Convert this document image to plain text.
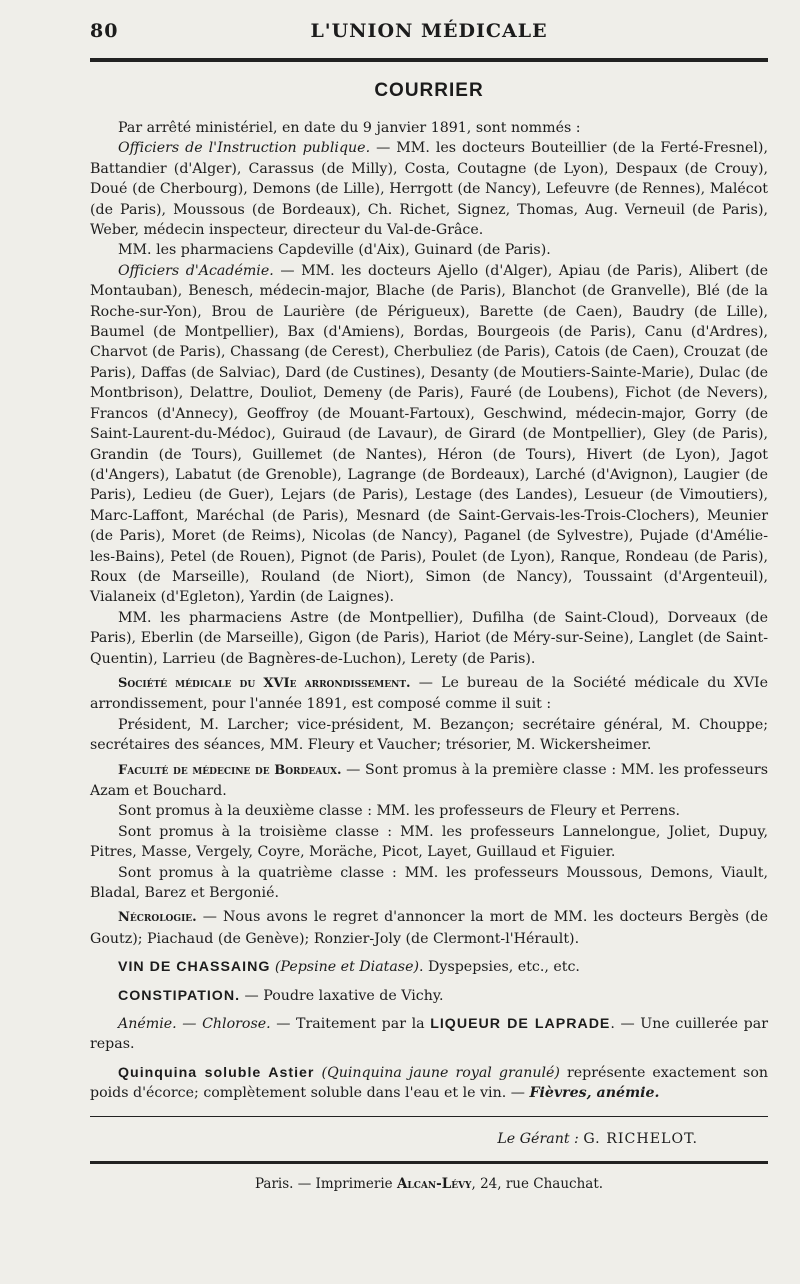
80	L'UNION MÉDICALE
COURRIER

Par arrêté ministériel, en date du 9 janvier 1891, sont nommés :

Officiers de l'Instruction publique. — MM. les docteurs Bouteillier (de la Ferté-Fresnel), Battandier (d'Alger), Carassus (de Milly), Costa, Coutagne (de Lyon), Despaux (de Crouy), Doué (de Cherbourg), Demons (de Lille), Herrgott (de Nancy), Lefeuvre (de Rennes), Malécot (de Paris), Moussous (de Bordeaux), Ch. Richet, Signez, Thomas, Aug. Verneuil (de Paris), Weber, médecin inspecteur, directeur du Val-de-Grâce.

MM. les pharmaciens Capdeville (d'Aix), Guinard (de Paris).

Officiers d'Académie. — MM. les docteurs Ajello (d'Alger), Apiau (de Paris), Alibert (de Montauban), Benesch, médecin-major, Blache (de Paris), Blanchot (de Granvelle), Blé (de la Roche-sur-Yon), Brou de Laurière (de Périgueux), Barette (de Caen), Baudry (de Lille), Baumel (de Montpellier), Bax (d'Amiens), Bordas, Bourgeois (de Paris), Canu (d'Ardres), Charvot (de Paris), Chassang (de Cerest), Cherbuliez (de Paris), Catois (de Caen), Crouzat (de Paris), Daffas (de Salviac), Dard (de Custines), Desanty (de Moutiers-Sainte-Marie), Dulac (de Montbrison), Delattre, Douliot, Demeny (de Paris), Fauré (de Loubens), Fichot (de Nevers), Francos (d'Annecy), Geoffroy (de Mouant-Fartoux), Geschwind, médecin-major, Gorry (de Saint-Laurent-du-Médoc), Guiraud (de Lavaur), de Girard (de Montpellier), Gley (de Paris), Grandin (de Tours), Guillemet (de Nantes), Héron (de Tours), Hivert (de Lyon), Jagot (d'Angers), Labatut (de Grenoble), Lagrange (de Bordeaux), Larché (d'Avignon), Laugier (de Paris), Ledieu (de Guer), Lejars (de Paris), Lestage (des Landes), Lesueur (de Vimoutiers), Marc-Laffont, Maréchal (de Paris), Mesnard (de Saint-Gervais-les-Trois-Clochers), Meunier (de Paris), Moret (de Reims), Nicolas (de Nancy), Paganel (de Sylvestre), Pujade (d'Amélie-les-Bains), Petel (de Rouen), Pignot (de Paris), Poulet (de Lyon), Ranque, Rondeau (de Paris), Roux (de Marseille), Rouland (de Niort), Simon (de Nancy), Toussaint (d'Argenteuil), Vialaneix (d'Egleton), Yardin (de Laignes).

MM. les pharmaciens Astre (de Montpellier), Dufilha (de Saint-Cloud), Dorveaux (de Paris), Eberlin (de Marseille), Gigon (de Paris), Hariot (de Méry-sur-Seine), Langlet (de Saint-Quentin), Larrieu (de Bagnères-de-Luchon), Lerety (de Paris).

Société médicale du XVIe arrondissement. — Le bureau de la Société médicale du XVIe arrondissement, pour l'année 1891, est composé comme il suit :

Président, M. Larcher; vice-président, M. Bezançon; secrétaire général, M. Chouppe; secrétaires des séances, MM. Fleury et Vaucher; trésorier, M. Wickersheimer.

Faculté de médecine de Bordeaux. — Sont promus à la première classe : MM. les professeurs Azam et Bouchard.

Sont promus à la deuxième classe : MM. les professeurs de Fleury et Perrens.

Sont promus à la troisième classe : MM. les professeurs Lannelongue, Joliet, Dupuy, Pitres, Masse, Vergely, Coyre, Moräche, Picot, Layet, Guillaud et Figuier.

Sont promus à la quatrième classe : MM. les professeurs Moussous, Demons, Viault, Bladal, Barez et Bergonié.

Nécrologie. — Nous avons le regret d'annoncer la mort de MM. les docteurs Bergès (de Goutz); Piachaud (de Genève); Ronzier-Joly (de Clermont-l'Hérault).

VIN DE CHASSAING (Pepsine et Diatase). Dyspepsies, etc., etc.

CONSTIPATION. — Poudre laxative de Vichy.

Anémie. — Chlorose. — Traitement par la LIQUEUR DE LAPRADE. — Une cuillerée par repas.

Quinquina soluble Astier (Quinquina jaune royal granulé) représente exactement son poids d'écorce; complètement soluble dans l'eau et le vin. — Fièvres, anémie.

Le Gérant : G. RICHELOT.
Paris. — Imprimerie Alcan-Lévy, 24, rue Chauchat.
